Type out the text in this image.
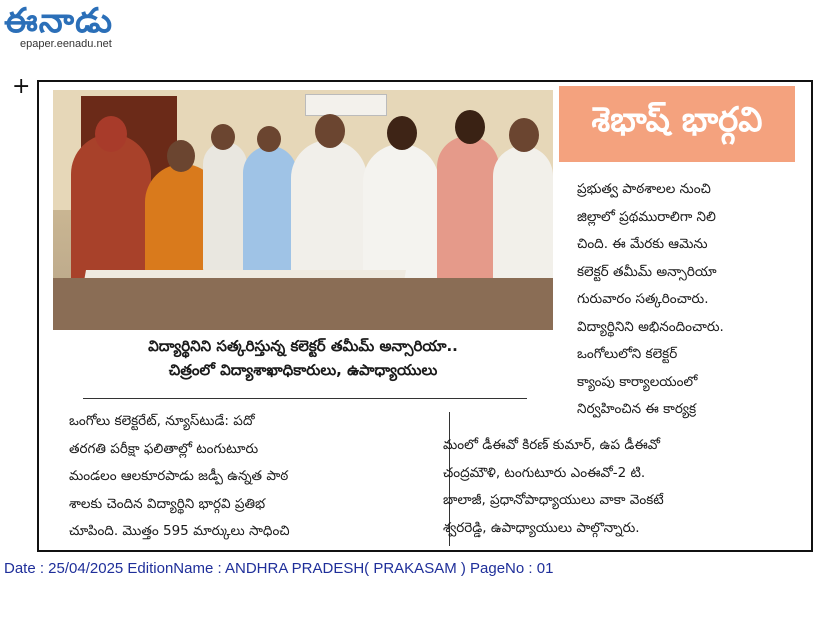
ఈనాడు
epaper.eenadu.net
+
శెభాష్ భార్గవి
విద్యార్థినిని సత్కరిస్తున్న కలెక్టర్ తమీమ్ అన్సారియా..
చిత్రంలో విద్యాశాఖాధికారులు, ఉపాధ్యాయులు
ప్రభుత్వ పాఠశాలల నుంచి
జిల్లాలో ప్రథమురాలిగా నిలి
చింది. ఈ మేరకు ఆమెను
కలెక్టర్ తమీమ్ అన్సారియా
గురువారం సత్కరించారు.
విద్యార్థినిని అభినందించారు.
ఒంగోలులోని కలెక్టర్
క్యాంపు కార్యాలయంలో
నిర్వహించిన ఈ కార్యక్ర
ఒంగోలు కలెక్టరేట్, న్యూస్‌టుడే: పదో
తరగతి పరీక్షా ఫలితాల్లో టంగుటూరు
మండలం ఆలకూరపాడు జడ్పీ ఉన్నత పాఠ
శాలకు చెందిన విద్యార్థిని భార్గవి ప్రతిభ
చూపింది. మొత్తం 595 మార్కులు సాధించి
మంలో డీఈవో కిరణ్ కుమార్, ఉప డీఈవో
చంద్రమౌళి, టంగుటూరు ఎంఈవో-2 టి.
బాలాజీ, ప్రధానోపాధ్యాయులు వాకా వెంకటే
శ్వరరెడ్డి, ఉపాధ్యాయులు పాల్గొన్నారు.
Date : 25/04/2025 EditionName : ANDHRA PRADESH( PRAKASAM ) PageNo : 01
